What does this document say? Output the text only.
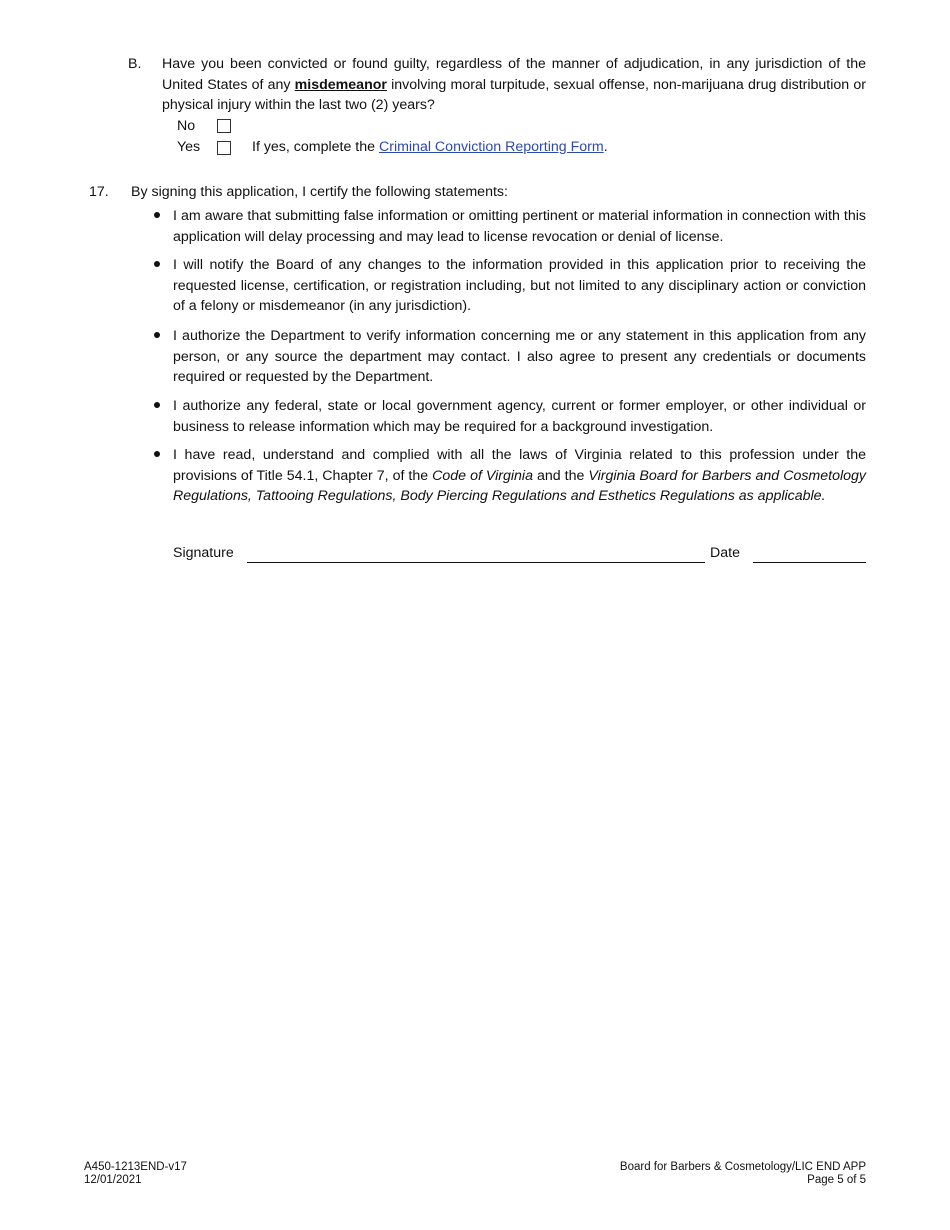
B. Have you been convicted or found guilty, regardless of the manner of adjudication, in any jurisdiction of the United States of any misdemeanor involving moral turpitude, sexual offense, non-marijuana drug distribution or physical injury within the last two (2) years?
No
Yes	If yes, complete the Criminal Conviction Reporting Form.
17. By signing this application, I certify the following statements:
I am aware that submitting false information or omitting pertinent or material information in connection with this application will delay processing and may lead to license revocation or denial of license.
I will notify the Board of any changes to the information provided in this application prior to receiving the requested license, certification, or registration including, but not limited to any disciplinary action or conviction of a felony or misdemeanor (in any jurisdiction).
I authorize the Department to verify information concerning me or any statement in this application from any person, or any source the department may contact. I also agree to present any credentials or documents required or requested by the Department.
I authorize any federal, state or local government agency, current or former employer, or other individual or business to release information which may be required for a background investigation.
I have read, understand and complied with all the laws of Virginia related to this profession under the provisions of Title 54.1, Chapter 7, of the Code of Virginia and the Virginia Board for Barbers and Cosmetology Regulations, Tattooing Regulations, Body Piercing Regulations and Esthetics Regulations as applicable.
Signature	Date
A450-1213END-v17
12/01/2021
Board for Barbers & Cosmetology/LIC END APP
Page 5 of 5
